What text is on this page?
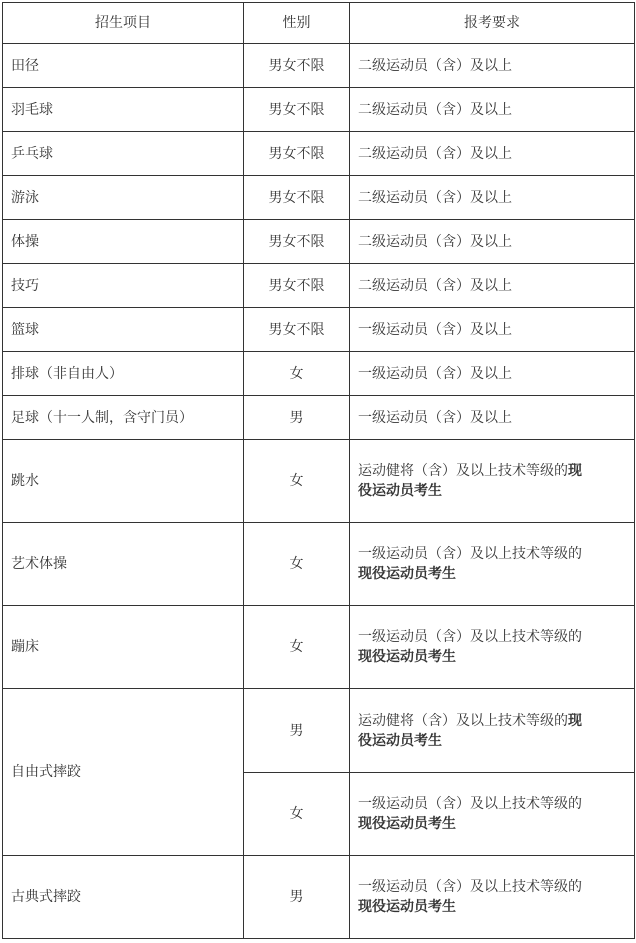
招生项目	性别	报考要求
田径	男女不限	二级运动员（含）及以上
羽毛球	男女不限	二级运动员（含）及以上
乒乓球	男女不限	二级运动员（含）及以上
游泳	男女不限	二级运动员（含）及以上
体操	男女不限	二级运动员（含）及以上
技巧	男女不限	二级运动员（含）及以上
篮球	男女不限	一级运动员（含）及以上
排球（非自由人）	女	一级运动员（含）及以上
足球（十一人制，含守门员）	男	一级运动员（含）及以上
跳水	女	运动健将（含）及以上技术等级的现
役运动员考生
艺术体操	女	一级运动员（含）及以上技术等级的
现役运动员考生
蹦床	女	一级运动员（含）及以上技术等级的
现役运动员考生
自由式摔跤	男	运动健将（含）及以上技术等级的现
役运动员考生
	女	一级运动员（含）及以上技术等级的
现役运动员考生
古典式摔跤	男	一级运动员（含）及以上技术等级的
现役运动员考生
